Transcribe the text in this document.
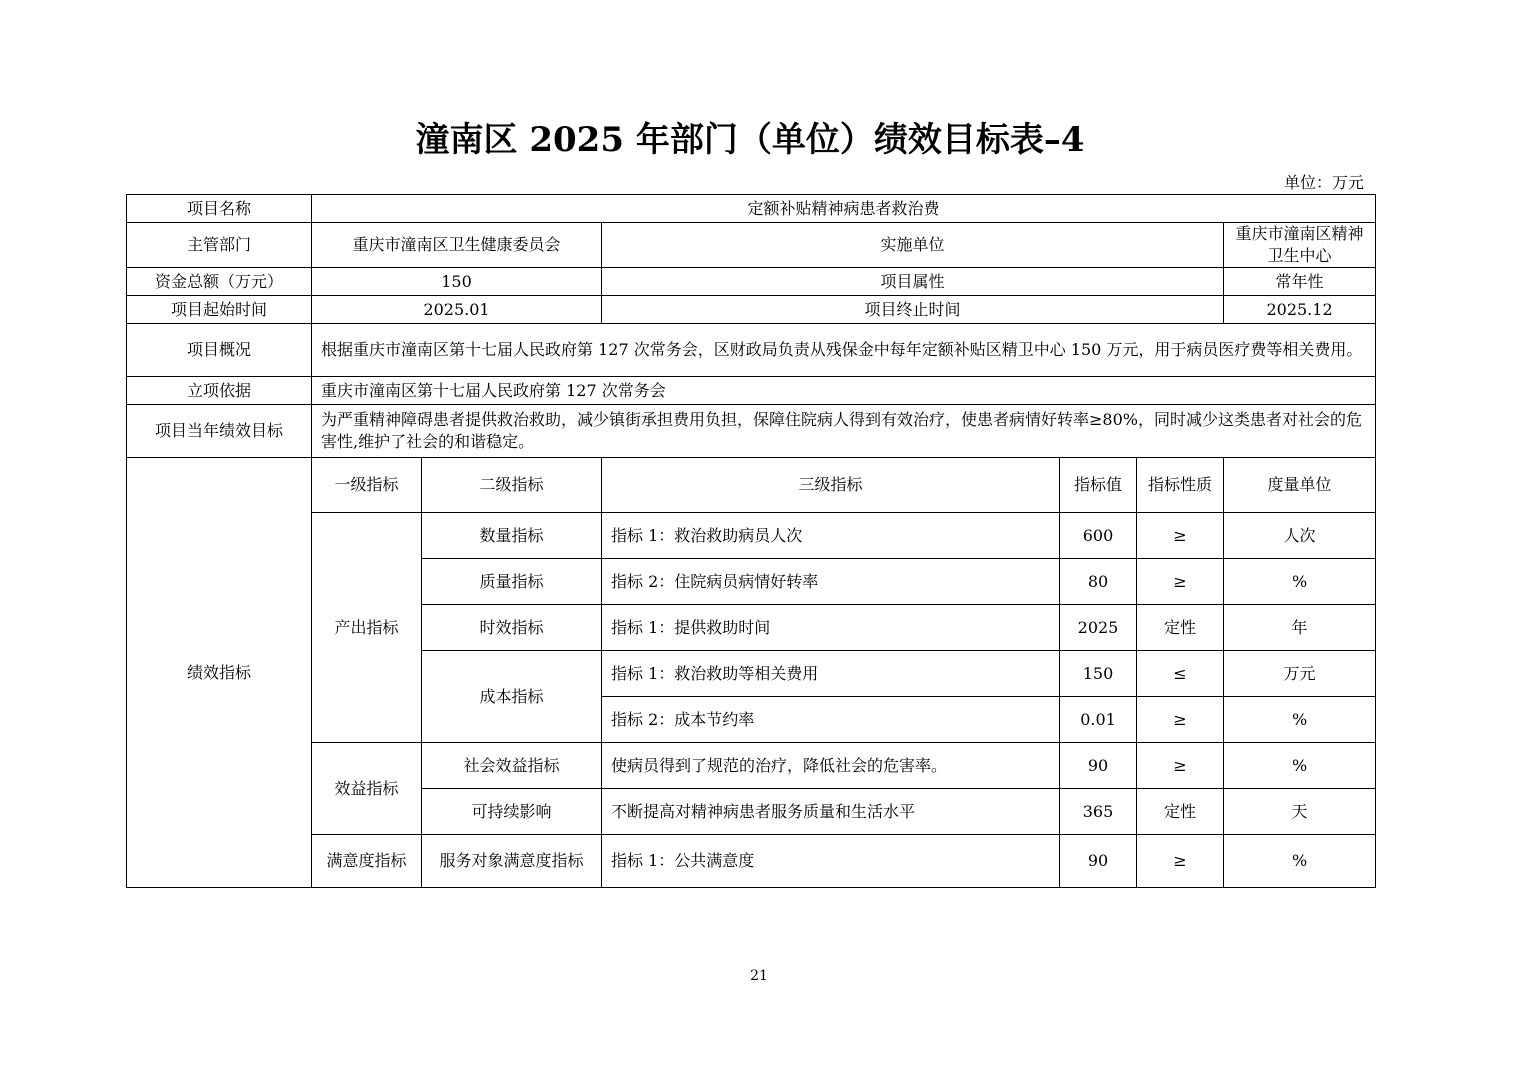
潼南区 2025 年部门（单位）绩效目标表–4
单位：万元
项目名称	定额补贴精神病患者救治费					
主管部门	重庆市潼南区卫生健康委员会		实施单位			重庆市潼南区精神卫生中心
资金总额（万元）	150		项目属性			常年性
项目起始时间	2025.01		项目终止时间			2025.12
项目概况	根据重庆市潼南区第十七届人民政府第 127 次常务会，区财政局负责从残保金中每年定额补贴区精卫中心 150 万元，用于病员医疗费等相关费用。					
立项依据	重庆市潼南区第十七届人民政府第 127 次常务会					
项目当年绩效目标	为严重精神障碍患者提供救治救助，减少镇街承担费用负担，保障住院病人得到有效治疗，使患者病情好转率≥80%，同时减少这类患者对社会的危害性,维护了社会的和谐稳定。					
绩效指标	一级指标	二级指标	三级指标	指标值	指标性质	度量单位
	产出指标	数量指标	指标 1：救治救助病员人次	600	≥	人次
		质量指标	指标 2：住院病员病情好转率	80	≥	%
		时效指标	指标 1：提供救助时间	2025	定性	年
		成本指标	指标 1：救治救助等相关费用	150	≤	万元
			指标 2：成本节约率	0.01	≥	%
	效益指标	社会效益指标	使病员得到了规范的治疗，降低社会的危害率。	90	≥	%
		可持续影响	不断提高对精神病患者服务质量和生活水平	365	定性	天
	满意度指标	服务对象满意度指标	指标 1：公共满意度	90	≥	%
21
